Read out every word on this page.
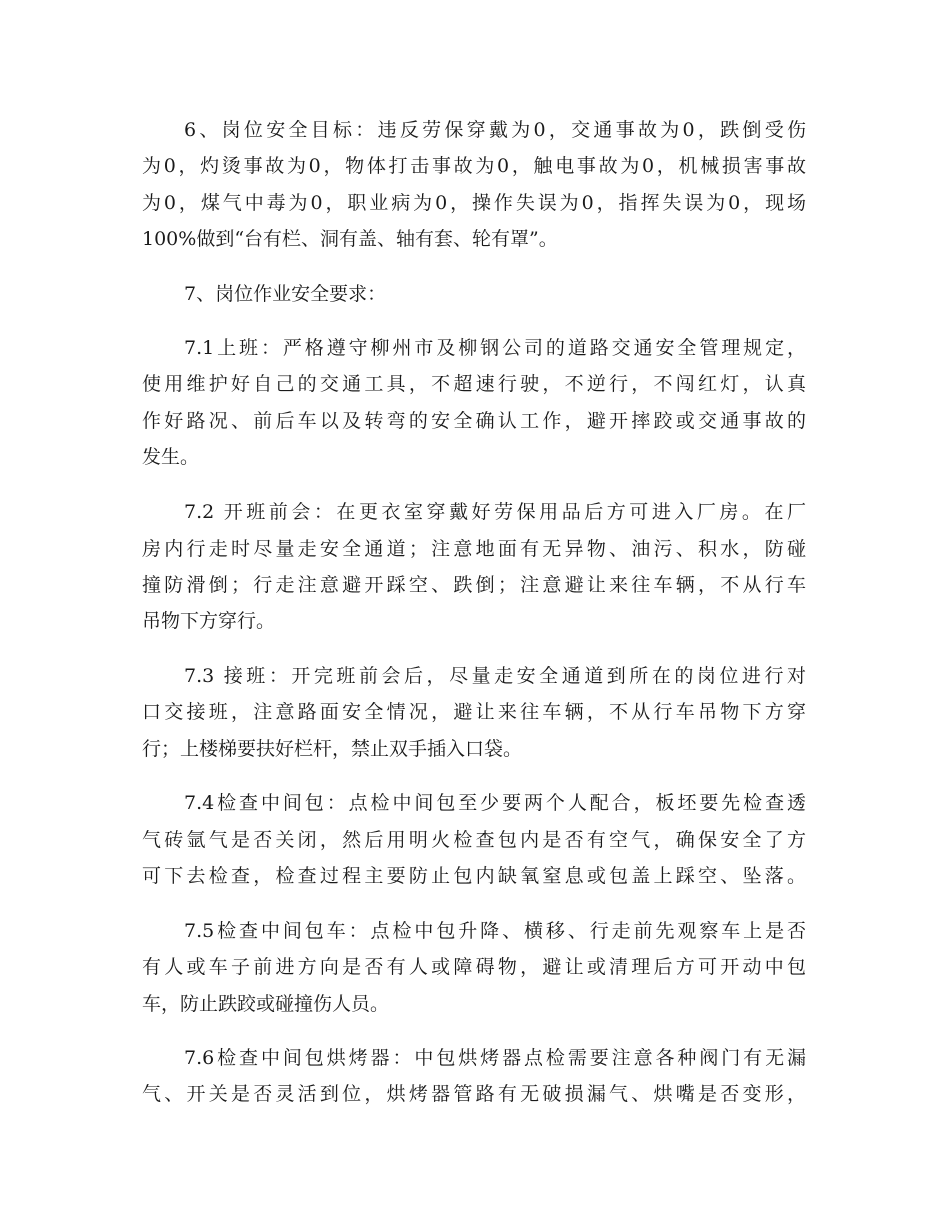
6、岗位安全目标：违反劳保穿戴为0，交通事故为0，跌倒受伤
为0，灼烫事故为0，物体打击事故为0，触电事故为0，机械损害事故
为0，煤气中毒为0，职业病为0，操作失误为0，指挥失误为0，现场
100%做到“台有栏、洞有盖、轴有套、轮有罩”。
7、岗位作业安全要求：
7.1上班：严格遵守柳州市及柳钢公司的道路交通安全管理规定，
使用维护好自己的交通工具，不超速行驶，不逆行，不闯红灯，认真
作好路况、前后车以及转弯的安全确认工作，避开摔跤或交通事故的
发生。
7.2 开班前会：在更衣室穿戴好劳保用品后方可进入厂房。在厂
房内行走时尽量走安全通道；注意地面有无异物、油污、积水，防碰
撞防滑倒；行走注意避开踩空、跌倒；注意避让来往车辆，不从行车
吊物下方穿行。
7.3 接班：开完班前会后，尽量走安全通道到所在的岗位进行对
口交接班，注意路面安全情况，避让来往车辆，不从行车吊物下方穿
行；上楼梯要扶好栏杆，禁止双手插入口袋。
7.4检查中间包：点检中间包至少要两个人配合，板坯要先检查透
气砖氩气是否关闭，然后用明火检查包内是否有空气，确保安全了方
可下去检查，检查过程主要防止包内缺氧窒息或包盖上踩空、坠落。
7.5检查中间包车：点检中包升降、横移、行走前先观察车上是否
有人或车子前进方向是否有人或障碍物，避让或清理后方可开动中包
车，防止跌跤或碰撞伤人员。
7.6检查中间包烘烤器：中包烘烤器点检需要注意各种阀门有无漏
气、开关是否灵活到位，烘烤器管路有无破损漏气、烘嘴是否变形，
